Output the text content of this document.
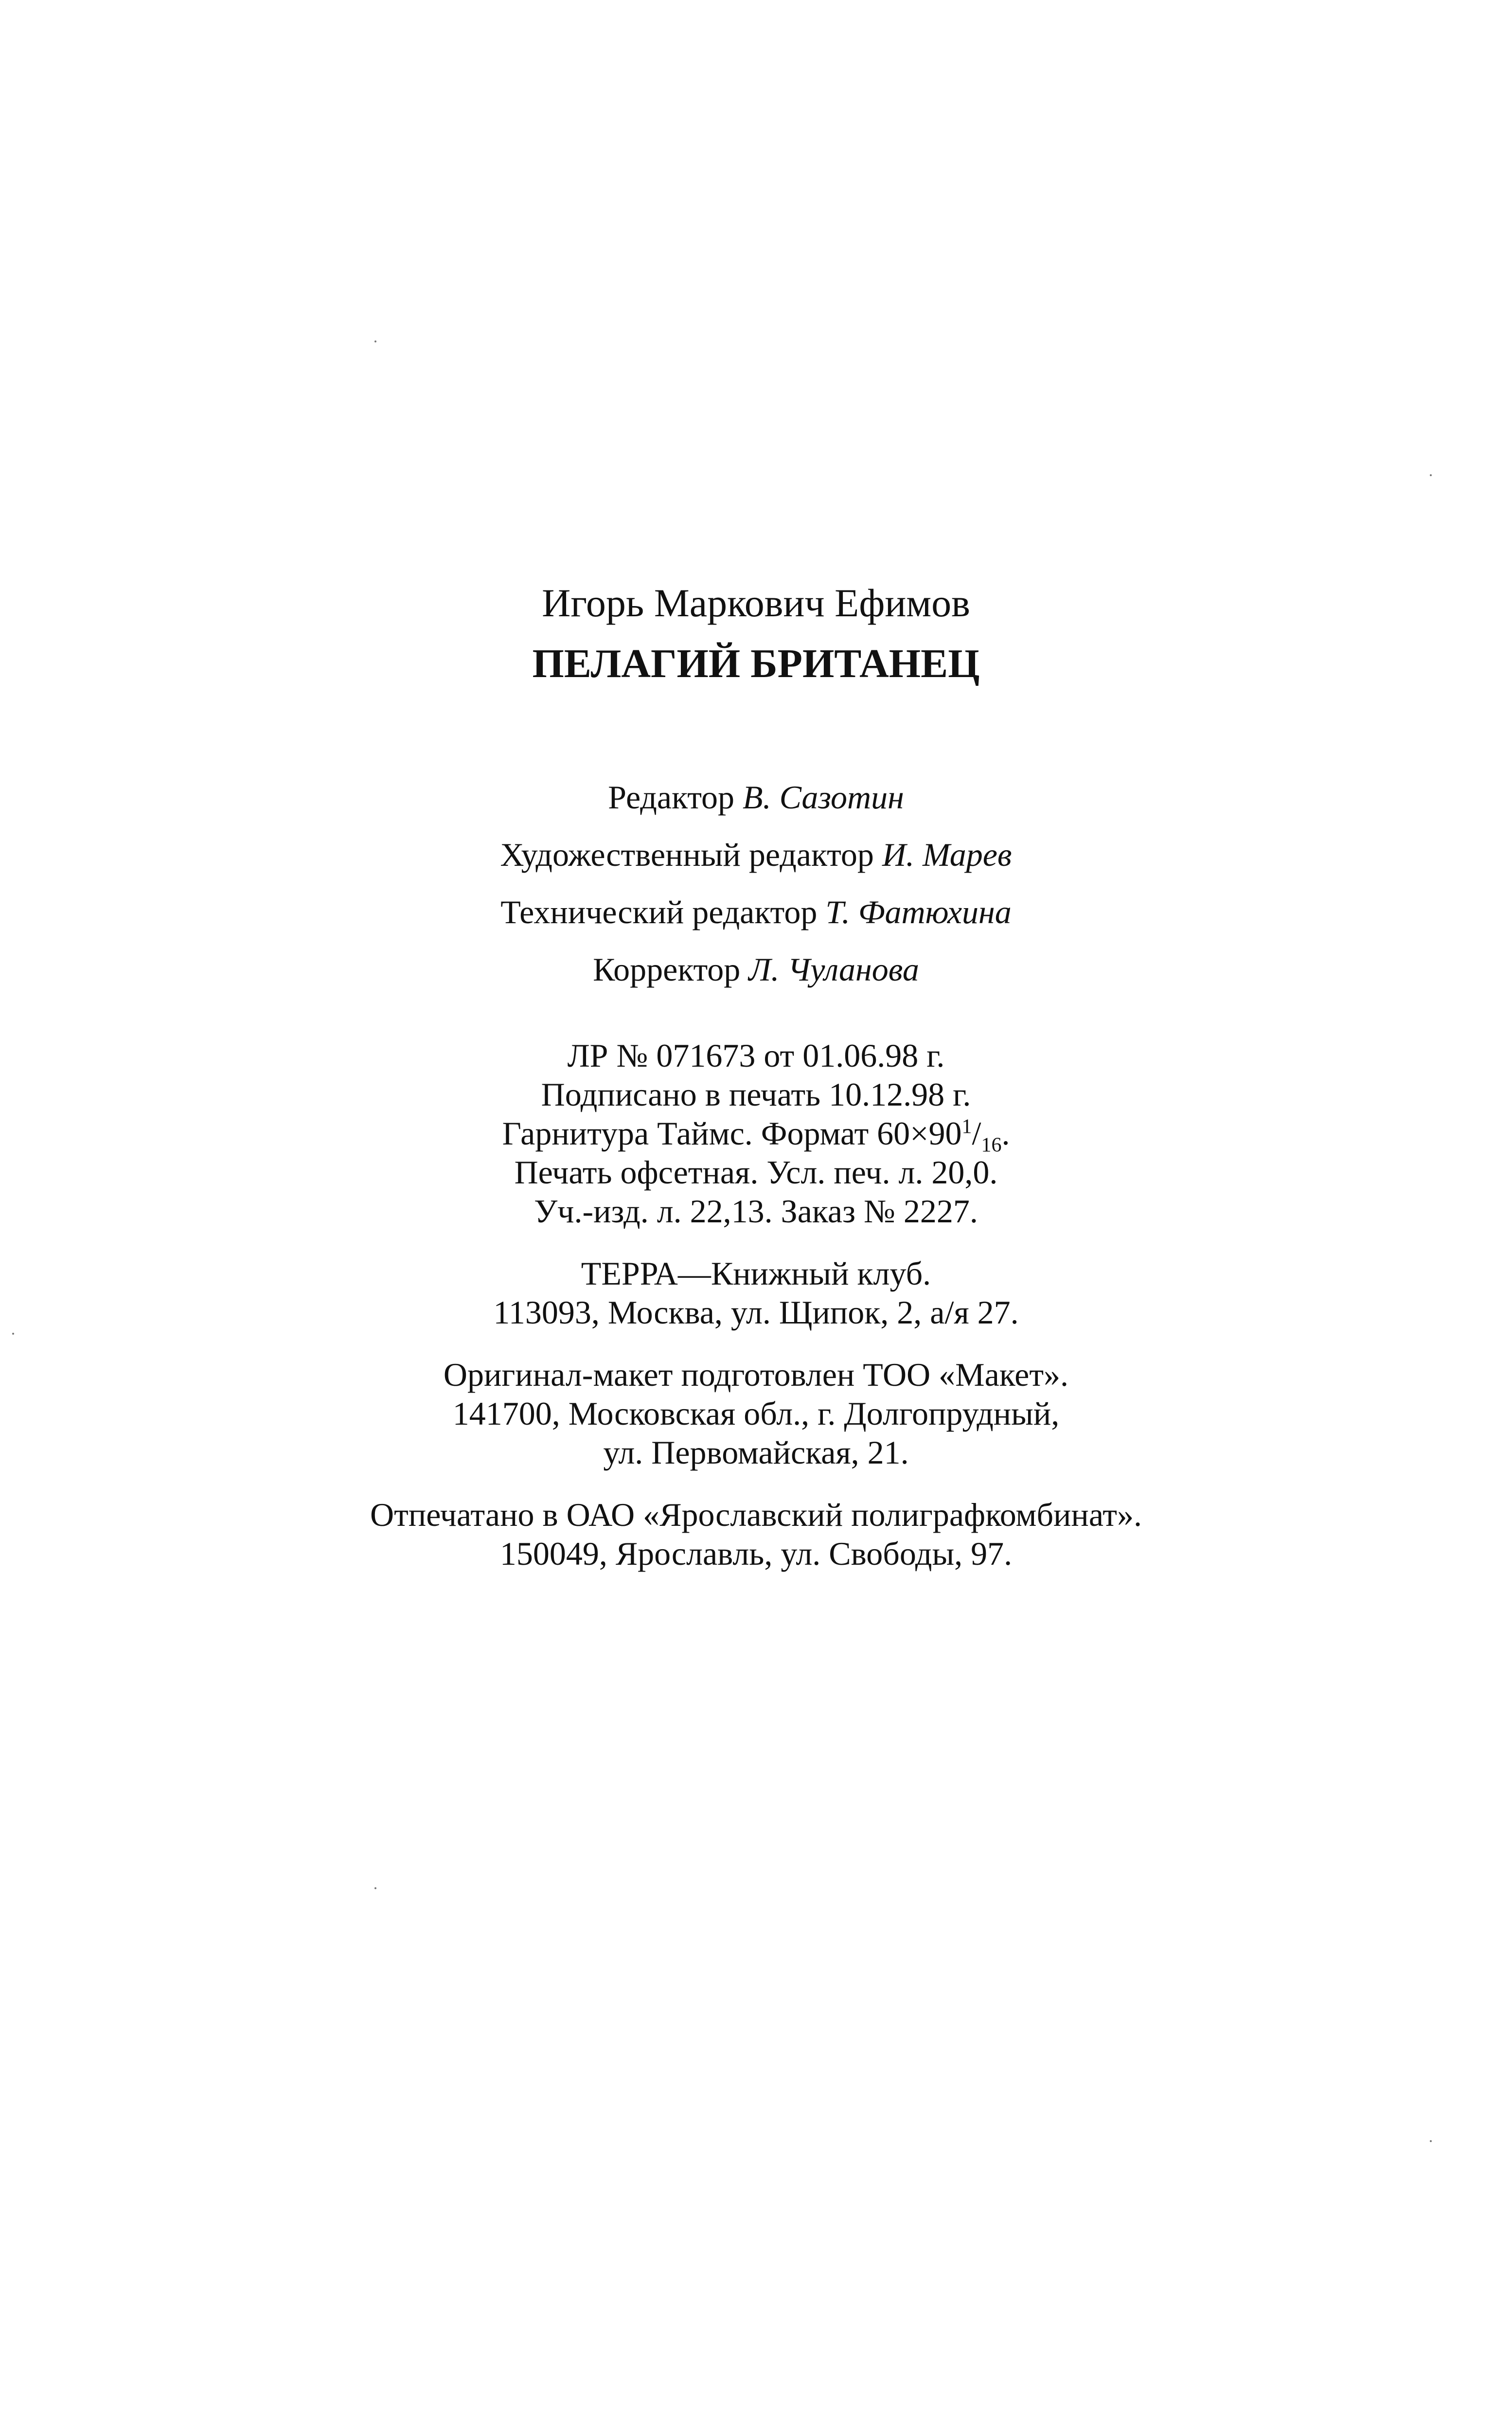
Игорь Маркович Ефимов
ПЕЛАГИЙ БРИТАНЕЦ
Редактор В. Сазотин
Художественный редактор И. Марев
Технический редактор Т. Фатюхина
Корректор Л. Чуланова
ЛР № 071673 от 01.06.98 г.
Подписано в печать 10.12.98 г.
Гарнитура Таймс. Формат $60\times 90^1/_{16}$.
Печать офсетная. Усл. печ. л. 20,0.
Уч.-изд. л. 22,13. Заказ № 2227.
ТЕРРА—Книжный клуб.
113093, Москва, ул. Щипок, 2, а/я 27.
Оригинал-макет подготовлен ТОО «Макет».
141700, Московская обл., г. Долгопрудный,
ул. Первомайская, 21.
Отпечатано в ОАО «Ярославский полиграфкомбинат».
150049, Ярославль, ул. Свободы, 97.
